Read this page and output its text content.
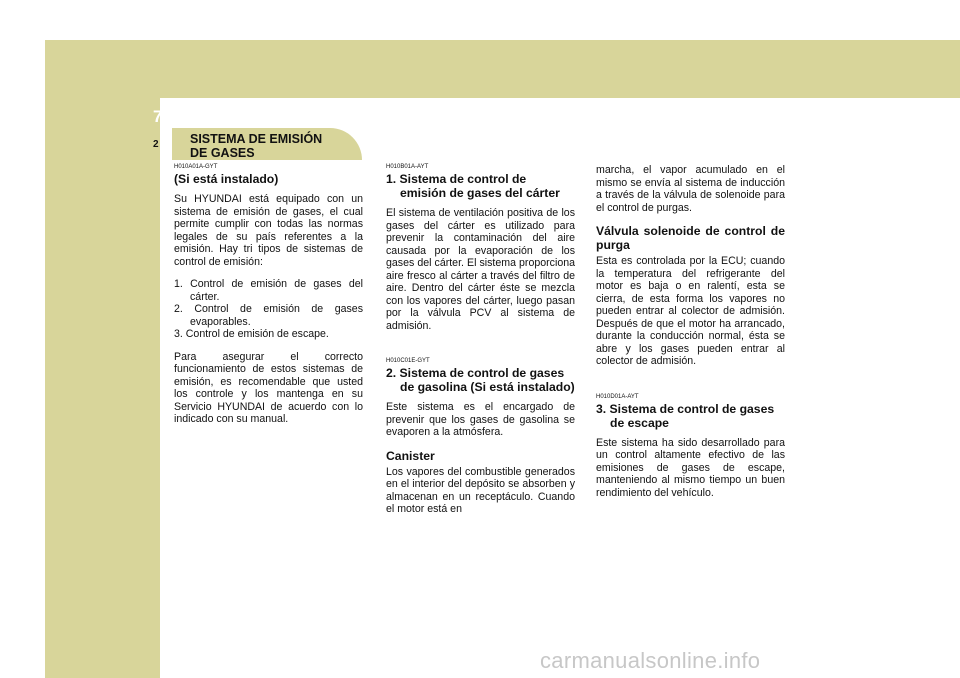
7 SISTEMA DE EMISIÓN DE GASES
SISTEMA DE EMISIÓN
DE GASES
2
H010A01A-GYT
(Si está instalado)

Su HYUNDAI está equipado con un sistema de emisión de gases, el cual permite cumplir con todas las normas legales de su país referentes a la emisión. Hay tri tipos de sistemas de control de emisión:

1. Control de emisión de gases del cárter.
2. Control de emisión de gases evaporables.
3. Control de emisión de escape.

Para asegurar el correcto funcionamiento de estos sistemas de emisión, es recomendable que usted los controle y los mantenga en su Servicio HYUNDAI de acuerdo con lo indicado con su manual.

H010B01A-AYT
1. Sistema de control de emisión de gases del cárter

El sistema de ventilación positiva de los gases del cárter es utilizado para prevenir la contaminación del aire causada por la evaporación de los gases del cárter. El sistema proporciona aire fresco al cárter a través del filtro de aire. Dentro del cárter éste se mezcla con los vapores del cárter, luego pasan por la válvula PCV al sistema de admisión.

H010C01E-GYT
2. Sistema de control de gases de gasolina (Si está instalado)

Este sistema es el encargado de prevenir que los gases de gasolina se evaporen a la atmósfera.

Canister

Los vapores del combustible generados en el interior del depósito se absorben y almacenan en un receptáculo. Cuando el motor está en

marcha, el vapor acumulado en el mismo se envía al sistema de inducción a través de la válvula de solenoide para el control de purgas.

Válvula solenoide de control de purga

Esta es controlada por la ECU; cuando la temperatura del refrigerante del motor es baja o en ralentí, esta se cierra, de esta forma los vapores no pueden entrar al colector de admisión. Después de que el motor ha arrancado, durante la conducción normal, ésta se abre y los gases pueden entrar al colector de admisión.

H010D01A-AYT
3. Sistema de control de gases de escape

Este sistema ha sido desarrollado para un control altamente efectivo de las emisiones de gases de escape, manteniendo al mismo tiempo un buen rendimiento del vehículo.

carmanualsonline.info
